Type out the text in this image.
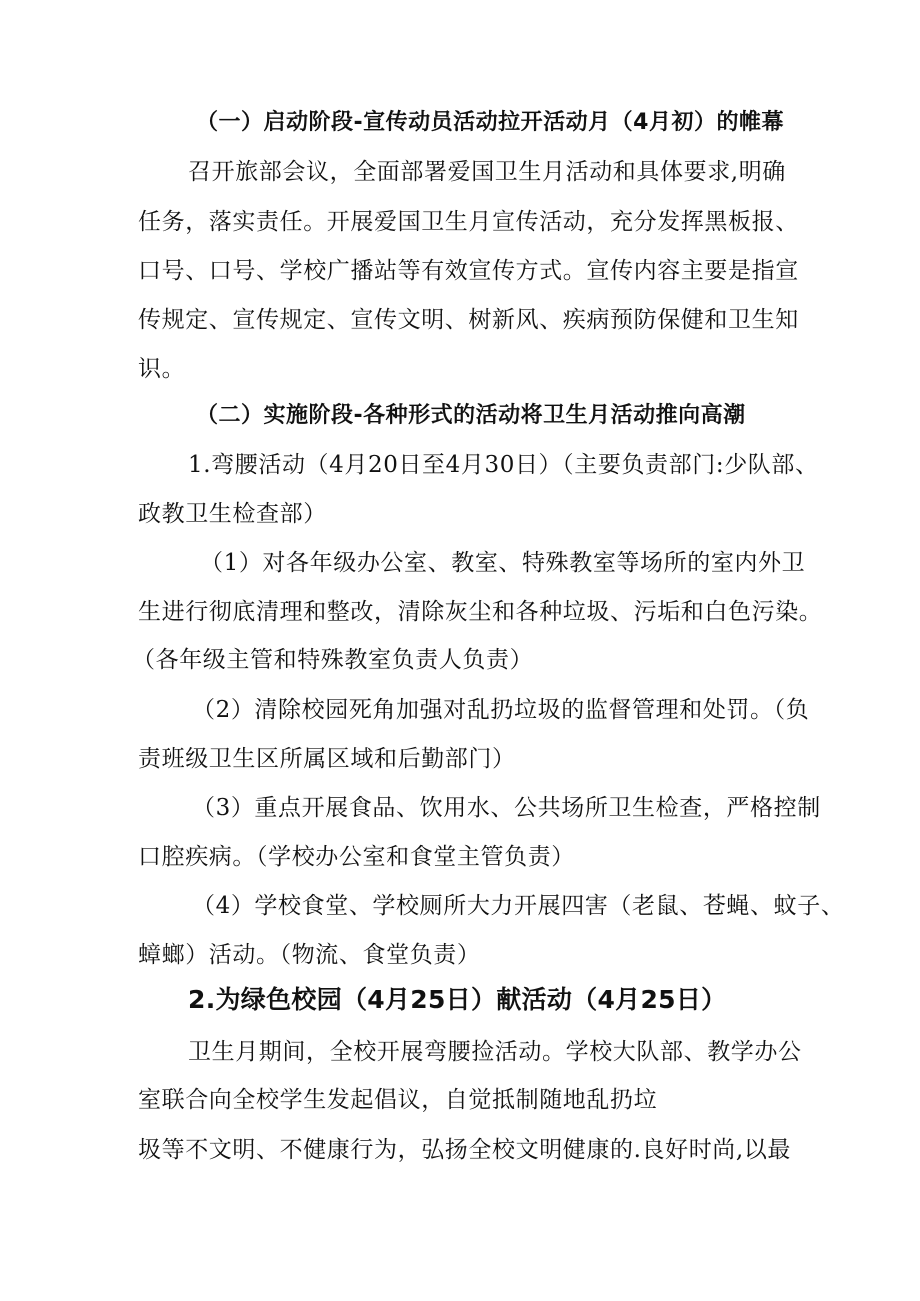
（一）启动阶段-宣传动员活动拉开活动月（4月初）的帷幕
召开旅部会议，全面部署爱国卫生月活动和具体要求,明确
任务，落实责任。开展爱国卫生月宣传活动，充分发挥黑板报、
口号、口号、学校广播站等有效宣传方式。宣传内容主要是指宣
传规定、宣传规定、宣传文明、树新风、疾病预防保健和卫生知
识。
（二）实施阶段-各种形式的活动将卫生月活动推向高潮
1.弯腰活动（4月20日至4月30日）（主要负责部门:少队部、
政教卫生检查部）
（1）对各年级办公室、教室、特殊教室等场所的室内外卫
生进行彻底清理和整改，清除灰尘和各种垃圾、污垢和白色污染。
（各年级主管和特殊教室负责人负责）
（2）清除校园死角加强对乱扔垃圾的监督管理和处罚。（负
责班级卫生区所属区域和后勤部门）
（3）重点开展食品、饮用水、公共场所卫生检查，严格控制
口腔疾病。（学校办公室和食堂主管负责）
（4）学校食堂、学校厕所大力开展四害（老鼠、苍蝇、蚊子、
蟑螂）活动。（物流、食堂负责）
2.为绿色校园（4月25日）献活动（4月25日）
卫生月期间，全校开展弯腰捡活动。学校大队部、教学办公
室联合向全校学生发起倡议，自觉抵制随地乱扔垃
圾等不文明、不健康行为，弘扬全校文明健康的.良好时尚,以最
